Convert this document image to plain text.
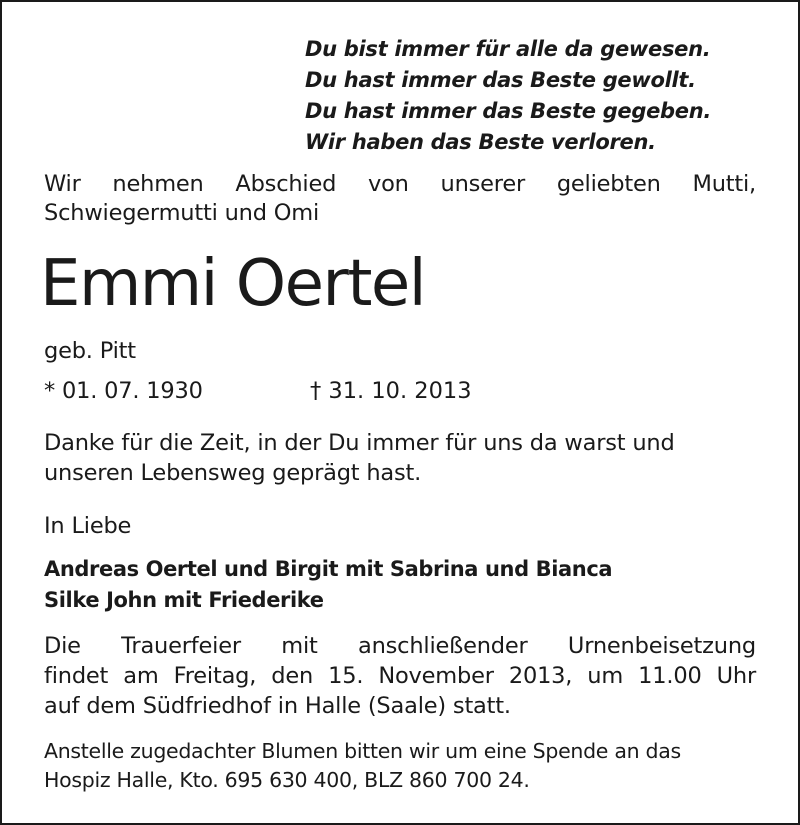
Du bist immer für alle da gewesen.
Du hast immer das Beste gewollt.
Du hast immer das Beste gegeben.
Wir haben das Beste verloren.
Wir nehmen Abschied von unserer geliebten Mutti,
Schwiegermutti und Omi
Emmi Oertel
geb. Pitt
* 01. 07. 1930	† 31. 10. 2013
Danke für die Zeit, in der Du immer für uns da warst und
unseren Lebensweg geprägt hast.
In Liebe
Andreas Oertel und Birgit mit Sabrina und Bianca
Silke John mit Friederike
Die Trauerfeier mit anschließender Urnenbeisetzung
findet am Freitag, den 15. November 2013, um 11.00 Uhr
auf dem Südfriedhof in Halle (Saale) statt.
Anstelle zugedachter Blumen bitten wir um eine Spende an das
Hospiz Halle, Kto. 695 630 400, BLZ 860 700 24.
